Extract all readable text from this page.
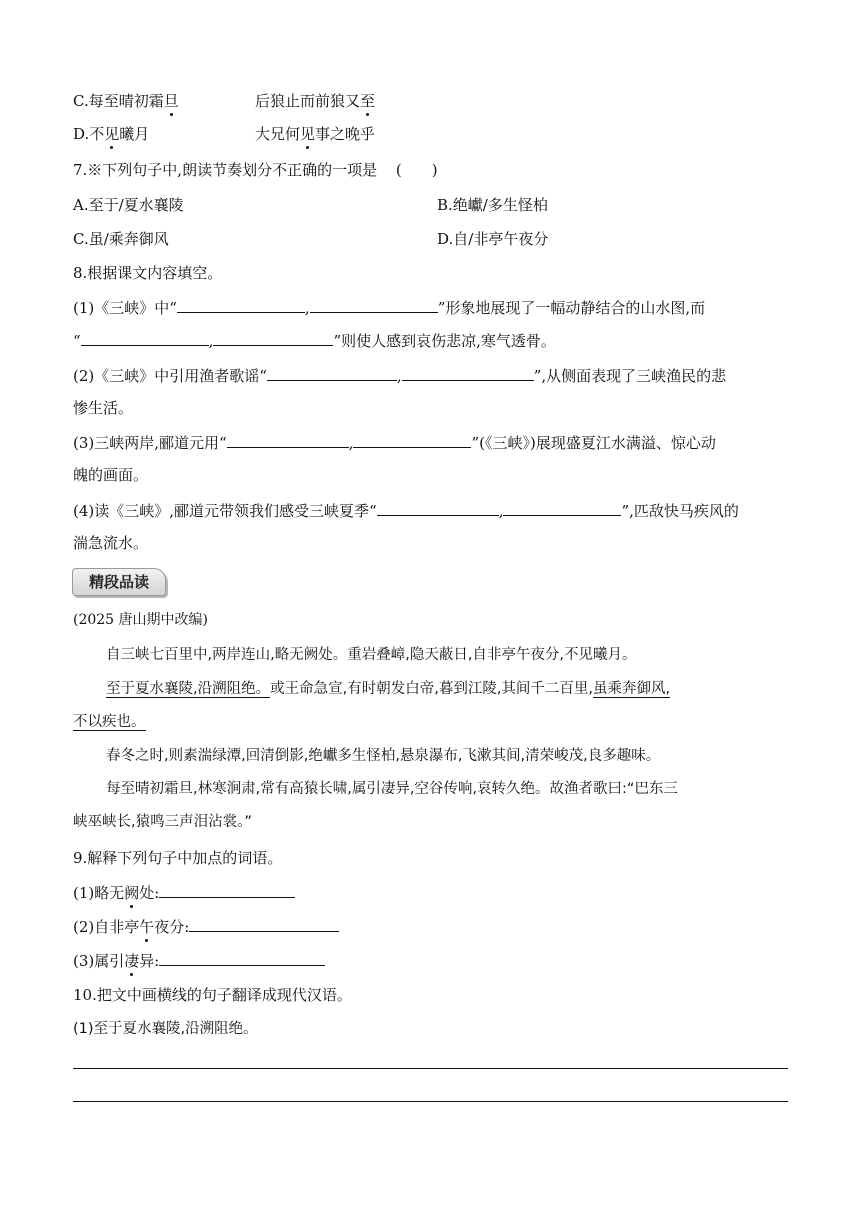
C.每至晴初霜旦	后狼止而前狼又至
D.不见曦月	大兄何见事之晚乎
7.※下列句子中,朗读节奏划分不正确的一项是 (　　)
A.至于/夏水襄陵	B.绝巘/多生怪柏
C.虽/乘奔御风	D.自/非亭午夜分
8.根据课文内容填空。
(1)《三峡》中“	,	”形象地展现了一幅动静结合的山水图,而
“	,	”则使人感到哀伤悲凉,寒气透骨。
(2)《三峡》中引用渔者歌谣“	,	”,从侧面表现了三峡渔民的悲
惨生活。
(3)三峡两岸,郦道元用“	,	”(《三峡》)展现盛夏江水满溢、惊心动
魄的画面。
(4)读《三峡》,郦道元带领我们感受三峡夏季“	,	”,匹敌快马疾风的
湍急流水。
精段品读
(2025 唐山期中改编)
自三峡七百里中,两岸连山,略无阙处。重岩叠嶂,隐天蔽日,自非亭午夜分,不见曦月。
至于夏水襄陵,沿溯阻绝。或王命急宣,有时朝发白帝,暮到江陵,其间千二百里,虽乘奔御风,
不以疾也。
春冬之时,则素湍绿潭,回清倒影,绝巘多生怪柏,悬泉瀑布,飞漱其间,清荣峻茂,良多趣味。
每至晴初霜旦,林寒涧肃,常有高猿长啸,属引凄异,空谷传响,哀转久绝。故渔者歌曰:“巴东三
峡巫峡长,猿鸣三声泪沾裳。”
9.解释下列句子中加点的词语。
(1)略无阙处:
(2)自非亭午夜分:
(3)属引凄异:
10.把文中画横线的句子翻译成现代汉语。
(1)至于夏水襄陵,沿溯阻绝。
